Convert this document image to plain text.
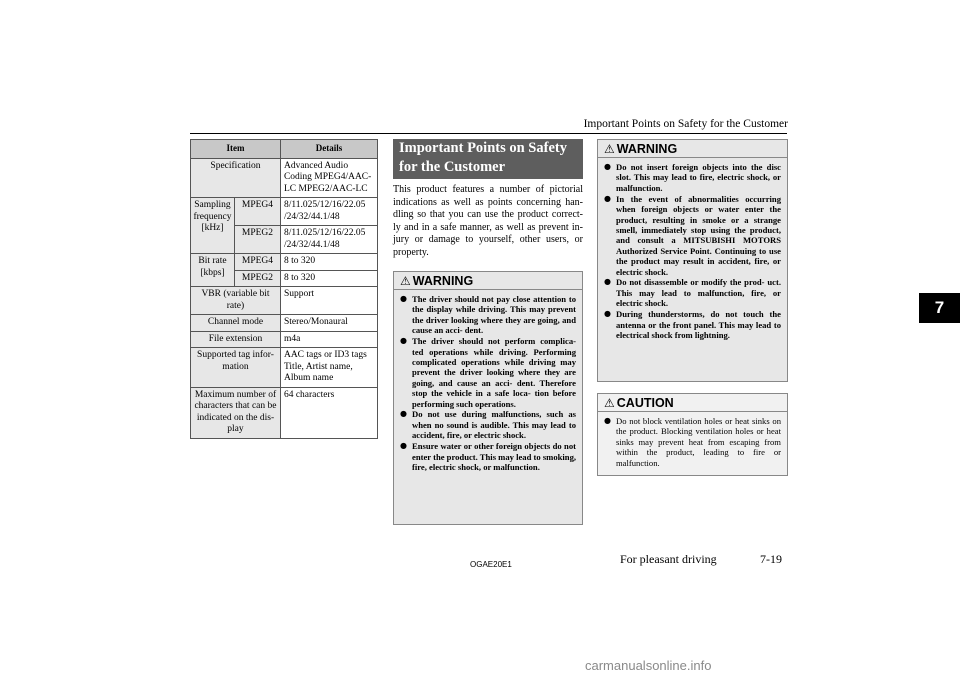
Important Points on Safety for the Customer
7
Item		Details
Specification		Advanced Audio Coding MPEG4/AAC-LC MPEG2/AAC-LC
Sampling frequency [kHz]	MPEG4	8/11.025/12/16/22.05 /24/32/44.1/48
	MPEG2	8/11.025/12/16/22.05 /24/32/44.1/48
Bit rate [kbps]	MPEG4	8 to 320
	MPEG2	8 to 320
VBR (variable bit rate)		Support
Channel mode		Stereo/Monaural
File extension		m4a
Supported tag infor- mation		AAC tags or ID3 tags Title, Artist name, Album name
Maximum number of characters that can be indicated on the dis- play		64 characters
Important Points on Safety for the Customer
This product features a number of pictorial indications as well as points concerning han- dling so that you can use the product correct- ly and in a safe manner, as well as prevent in- jury or damage to yourself, other users, or property.
⚠ WARNING
● The driver should not pay close attention to the display while driving. This may prevent the driver looking where they are going, and cause an acci- dent.
● The driver should not perform complica- ted operations while driving. Performing complicated operations while driving may prevent the driver looking where they are going, and cause an acci- dent. Therefore stop the vehicle in a safe loca- tion before performing such operations.
● Do not use during malfunctions, such as when no sound is audible. This may lead to accident, fire, or electric shock.
● Ensure water or other foreign objects do not enter the product. This may lead to smoking, fire, electric shock, or malfunction.
⚠ WARNING
● Do not insert foreign objects into the disc slot. This may lead to fire, electric shock, or malfunction.
● In the event of abnormalities occurring when foreign objects or water enter the product, resulting in smoke or a strange smell, immediately stop using the product, and consult a MITSUBISHI MOTORS Authorized Service Point. Continuing to use the product may result in accident, fire, or electric shock.
● Do not disassemble or modify the prod- uct. This may lead to malfunction, fire, or electric shock.
● During thunderstorms, do not touch the antenna or the front panel. This may lead to electrical shock from lightning.
⚠ CAUTION
● Do not block ventilation holes or heat sinks on the product. Blocking ventilation holes or heat sinks may prevent heat from escaping from within the product, leading to fire or malfunction.
OGAE20E1	For pleasant driving	7-19
carmanualsonline.info
